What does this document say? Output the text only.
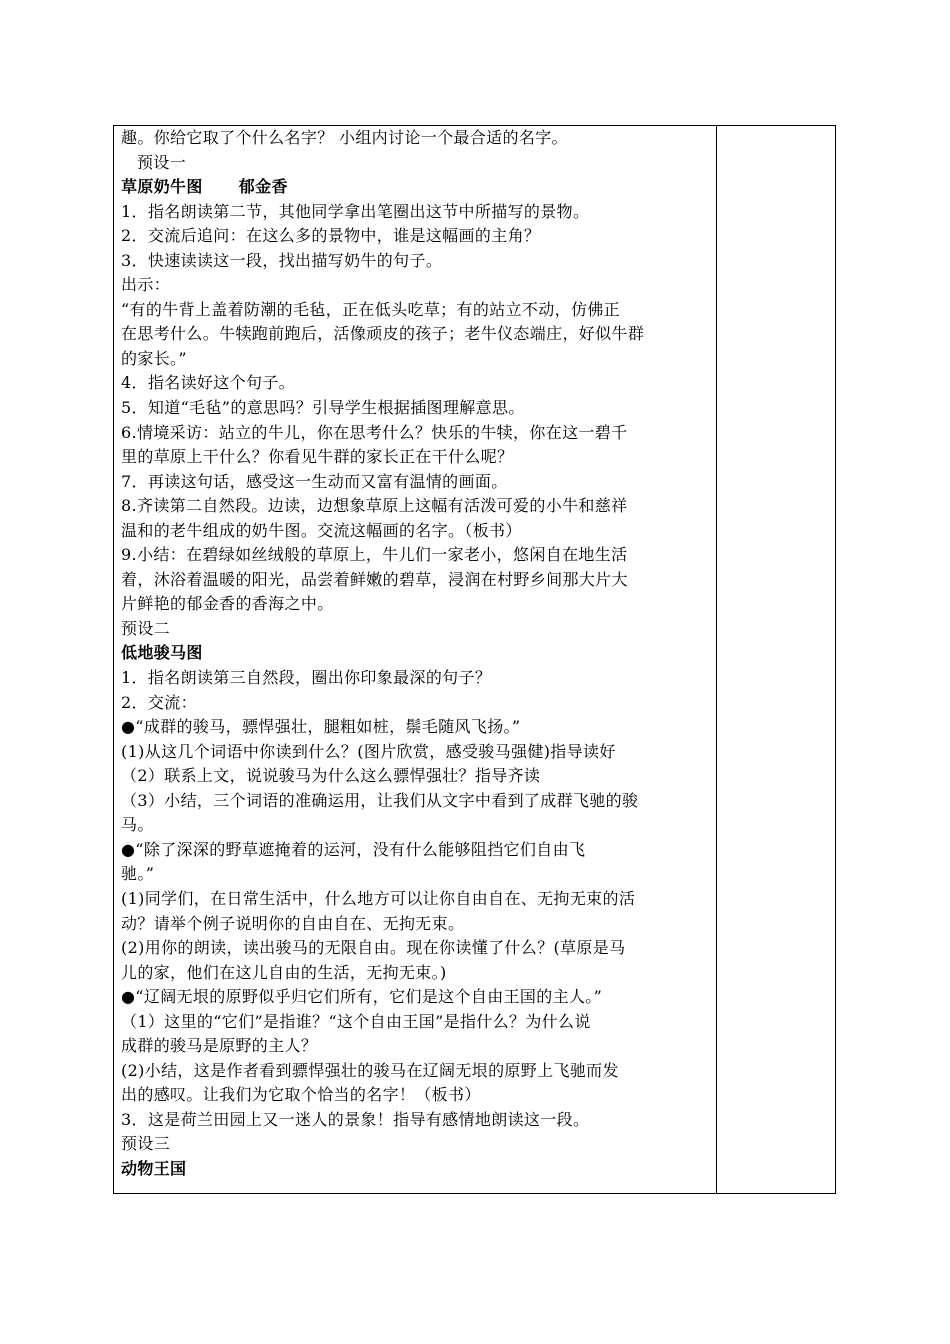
趣。你给它取了个什么名字？ 小组内讨论一个最合适的名字。
预设一
草原奶牛图 郁金香
1．指名朗读第二节，其他同学拿出笔圈出这节中所描写的景物。
2．交流后追问：在这么多的景物中，谁是这幅画的主角？
3．快速读读这一段，找出描写奶牛的句子。
出示：
“有的牛背上盖着防潮的毛毡，正在低头吃草；有的站立不动，仿佛正
在思考什么。牛犊跑前跑后，活像顽皮的孩子；老牛仪态端庄，好似牛群
的家长。”
4．指名读好这个句子。
5．知道“毛毡”的意思吗？引导学生根据插图理解意思。
6.情境采访：站立的牛儿，你在思考什么？快乐的牛犊，你在这一碧千
里的草原上干什么？你看见牛群的家长正在干什么呢？
7．再读这句话，感受这一生动而又富有温情的画面。
8.齐读第二自然段。边读，边想象草原上这幅有活泼可爱的小牛和慈祥
温和的老牛组成的奶牛图。交流这幅画的名字。（板书）
9.小结：在碧绿如丝绒般的草原上，牛儿们一家老小，悠闲自在地生活
着，沐浴着温暖的阳光，品尝着鲜嫩的碧草，浸润在村野乡间那大片大
片鲜艳的郁金香的香海之中。
预设二
低地骏马图
1．指名朗读第三自然段，圈出你印象最深的句子？
2．交流：
●“成群的骏马，骠悍强壮，腿粗如桩，鬃毛随风飞扬。”
(1)从这几个词语中你读到什么？(图片欣赏，感受骏马强健)指导读好
（2）联系上文，说说骏马为什么这么骠悍强壮？指导齐读
（3）小结，三个词语的准确运用，让我们从文字中看到了成群飞驰的骏
马。
●“除了深深的野草遮掩着的运河，没有什么能够阻挡它们自由飞
驰。”
(1)同学们，在日常生活中，什么地方可以让你自由自在、无拘无束的活
动？请举个例子说明你的自由自在、无拘无束。
(2)用你的朗读，读出骏马的无限自由。现在你读懂了什么？(草原是马
儿的家，他们在这儿自由的生活，无拘无束。)
●“辽阔无垠的原野似乎归它们所有，它们是这个自由王国的主人。”
（1）这里的“它们”是指谁？“这个自由王国”是指什么？为什么说
成群的骏马是原野的主人？
(2)小结，这是作者看到骠悍强壮的骏马在辽阔无垠的原野上飞驰而发
出的感叹。让我们为它取个恰当的名字！（板书）
3．这是荷兰田园上又一迷人的景象！指导有感情地朗读这一段。
预设三
动物王国
